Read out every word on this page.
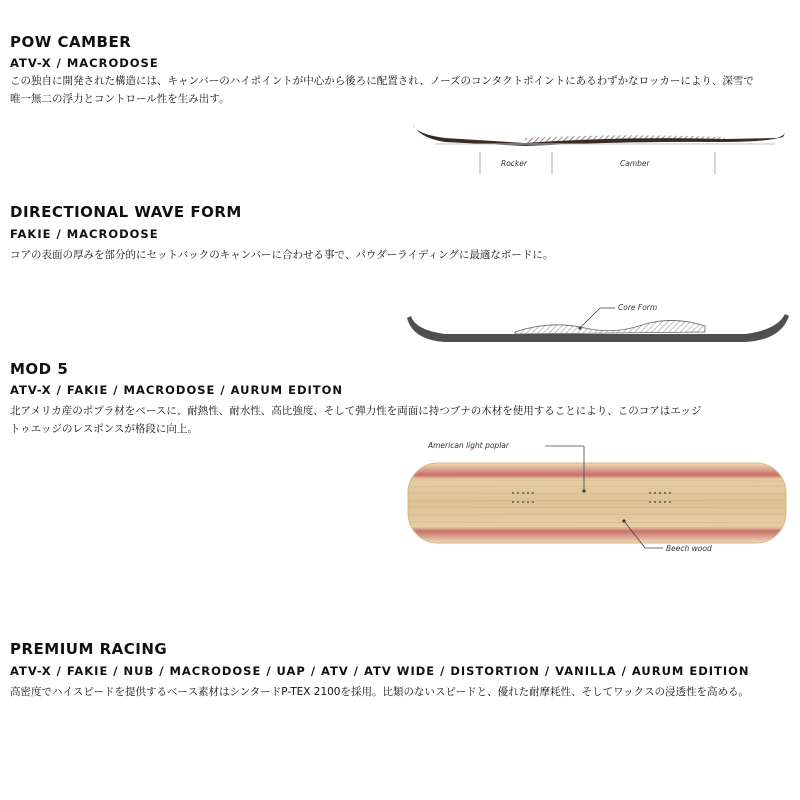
POW CAMBER
ATV-X / MACRODOSE

この独自に開発された構造には、キャンバーのハイポイントが中心から後ろに配置され、ノーズのコンタクトポイントにあるわずかなロッカーにより、深雪で

唯一無二の浮力とコントロール性を生み出す。

Rocker	Camber
DIRECTIONAL WAVE FORM
FAKIE / MACRODOSE

コアの表面の厚みを部分的にセットバックのキャンバーに合わせる事で、パウダーライディングに最適なボードに。

Core Form
MOD 5
ATV-X / FAKIE / MACRODOSE / AURUM EDITON

北アメリカ産のポプラ材をベースに、耐熱性、耐水性、高比強度、そして弾力性を両面に持つブナの木材を使用することにより、このコアはエッジ

トゥエッジのレスポンスが格段に向上。

American light poplar
Beech wood
PREMIUM RACING
ATV-X / FAKIE / NUB / MACRODOSE / UAP / ATV / ATV WIDE / DISTORTION / VANILLA / AURUM EDITION

高密度でハイスピードを提供するベース素材はシンタードP-TEX 2100を採用。比類のないスピードと、優れた耐摩耗性、そしてワックスの浸透性を高める。
